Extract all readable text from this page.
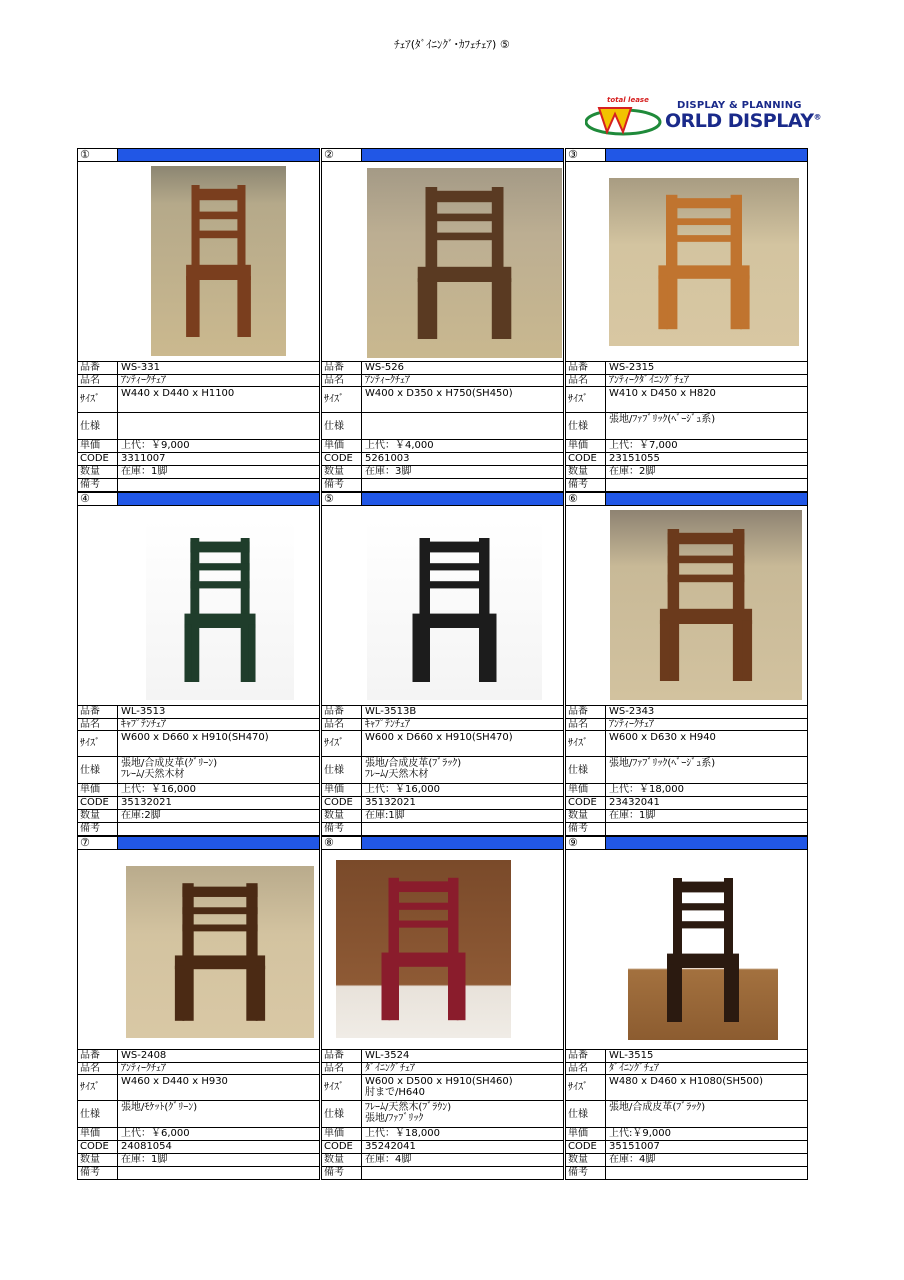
ﾁｪｱ(ﾀﾞｲﾆﾝｸﾞ･ｶﾌｪﾁｪｱ) ⑤
total lease	DISPLAY & PLANNING
ORLD DISPLAY®
①
品番	WS-331
品名	ｱﾝﾃｨｰｸﾁｪｱ
ｻｲｽﾞ
W440 x D440 x H1100
仕様
単価	上代：￥9,000
CODE	3311007
数量	在庫：1脚
備考
②
品番	WS-526
品名	ｱﾝﾃｨｰｸﾁｪｱ
ｻｲｽﾞ
W400 x D350 x H750(SH450)
仕様
単価	上代：￥4,000
CODE	5261003
数量	在庫：3脚
備考
③
品番	WS-2315
品名	ｱﾝﾃｨｰｸﾀﾞｲﾆﾝｸﾞﾁｪｱ
ｻｲｽﾞ
W410 x D450 x H820
仕様
張地/ﾌｧﾌﾞﾘｯｸ(ﾍﾞｰｼﾞｭ系)
単価	上代：￥7,000
CODE	23151055
数量	在庫：2脚
備考
④
品番	WL-3513
品名	ｷｬﾌﾟﾃﾝﾁｪｱ
ｻｲｽﾞ
W600 x D660 x H910(SH470)
仕様
張地/合成皮革(ｸﾞﾘｰﾝ)
ﾌﾚｰﾑ/天然木材
単価	上代：￥16,000
CODE	35132021
数量	在庫:2脚
備考
⑤
品番	WL-3513B
品名	ｷｬﾌﾟﾃﾝﾁｪｱ
ｻｲｽﾞ
W600 x D660 x H910(SH470)
仕様
張地/合成皮革(ﾌﾞﾗｯｸ)
ﾌﾚｰﾑ/天然木材
単価	上代：￥16,000
CODE	35132021
数量	在庫:1脚
備考
⑥
品番	WS-2343
品名	ｱﾝﾃｨｰｸﾁｪｱ
ｻｲｽﾞ
W600 x D630 x H940
仕様
張地/ﾌｧﾌﾞﾘｯｸ(ﾍﾞｰｼﾞｭ系)
単価	上代：￥18,000
CODE	23432041
数量	在庫：1脚
備考
⑦
品番	WS-2408
品名	ｱﾝﾃｨｰｸﾁｪｱ
ｻｲｽﾞ
W460 x D440 x H930
仕様
張地/ﾓｹｯﾄ(ｸﾞﾘｰﾝ)
単価	上代：￥6,000
CODE	24081054
数量	在庫：1脚
備考
⑧
品番	WL-3524
品名	ﾀﾞｲﾆﾝｸﾞﾁｪｱ
ｻｲｽﾞ
W600 x D500 x H910(SH460)
肘まで/H640
仕様
ﾌﾚｰﾑ/天然木(ﾌﾞﾗｳﾝ)
張地/ﾌｧﾌﾞﾘｯｸ
単価	上代：￥18,000
CODE	35242041
数量	在庫：4脚
備考
⑨
品番	WL-3515
品名	ﾀﾞｲﾆﾝｸﾞﾁｪｱ
ｻｲｽﾞ
W480 x D460 x H1080(SH500)
仕様
張地/合成皮革(ﾌﾞﾗｯｸ)
単価	上代:￥9,000
CODE	35151007
数量	在庫：4脚
備考
